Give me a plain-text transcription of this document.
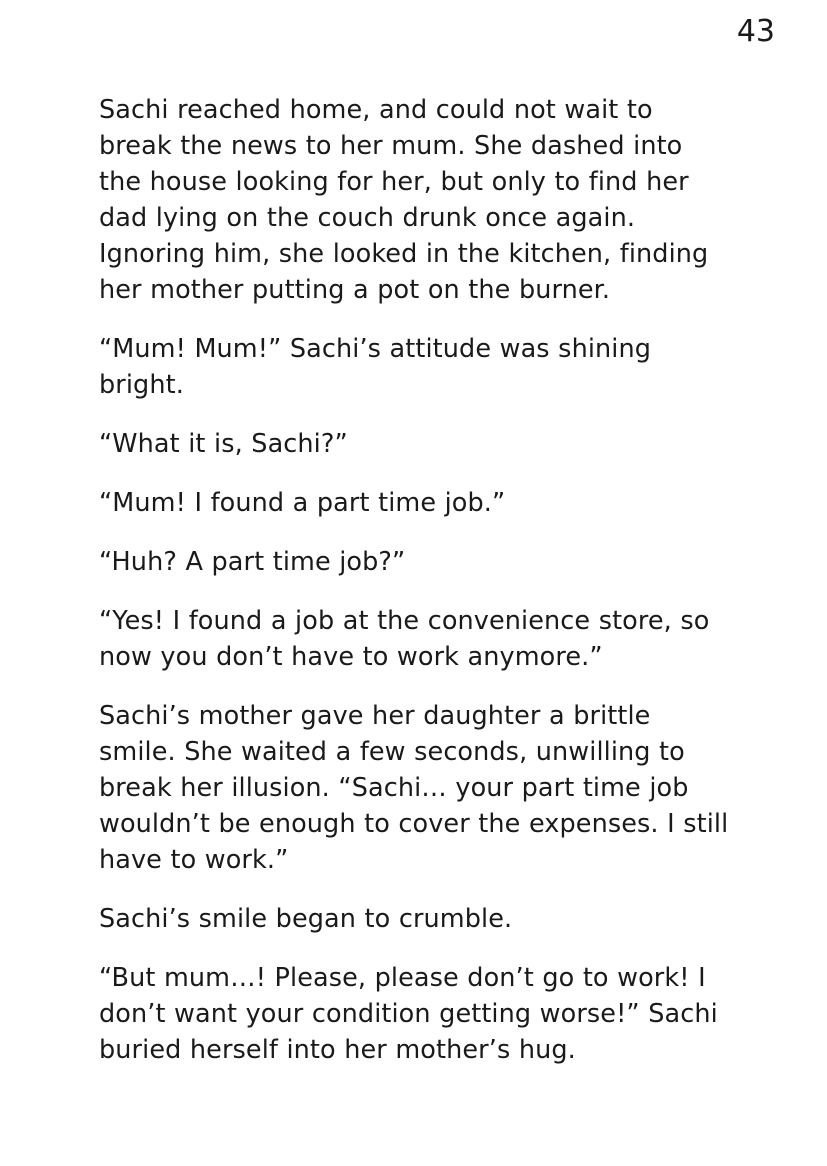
43

Sachi reached home, and could not wait to break the news to her mum. She dashed into the house looking for her, but only to find her dad lying on the couch drunk once again. Ignoring him, she looked in the kitchen, finding her mother putting a pot on the burner.

“Mum! Mum!” Sachi’s attitude was shining bright.

“What it is, Sachi?”

“Mum! I found a part time job.”

“Huh? A part time job?”

“Yes! I found a job at the convenience store, so now you don’t have to work anymore.”

Sachi’s mother gave her daughter a brittle smile. She waited a few seconds, unwilling to break her illusion. “Sachi… your part time job wouldn’t be enough to cover the expenses. I still have to work.”

Sachi’s smile began to crumble.

“But mum…! Please, please don’t go to work! I don’t want your condition getting worse!” Sachi buried herself into her mother’s hug.
